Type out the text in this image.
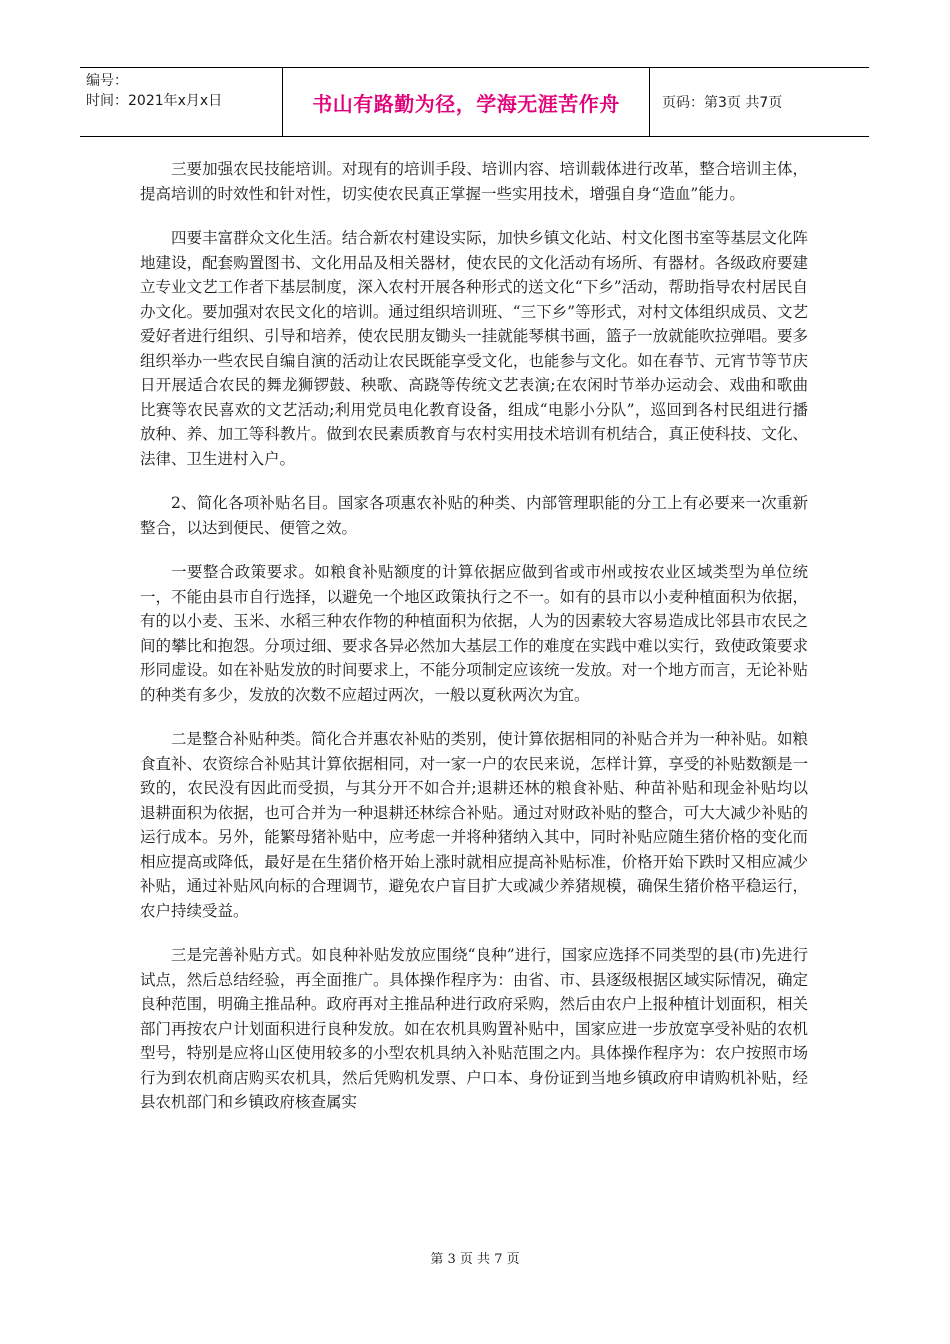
编号：
时间：2021年x月x日	书山有路勤为径，学海无涯苦作舟	页码：第3页 共7页

三要加强农民技能培训。对现有的培训手段、培训内容、培训载体进行改革，整合培训主体，提高培训的时效性和针对性，切实使农民真正掌握一些实用技术，增强自身“造血”能力。

四要丰富群众文化生活。结合新农村建设实际，加快乡镇文化站、村文化图书室等基层文化阵地建设，配套购置图书、文化用品及相关器材，使农民的文化活动有场所、有器材。各级政府要建立专业文艺工作者下基层制度，深入农村开展各种形式的送文化“下乡”活动，帮助指导农村居民自办文化。要加强对农民文化的培训。通过组织培训班、“三下乡”等形式，对村文体组织成员、文艺爱好者进行组织、引导和培养，使农民朋友锄头一挂就能琴棋书画，篮子一放就能吹拉弹唱。要多组织举办一些农民自编自演的活动让农民既能享受文化，也能参与文化。如在春节、元宵节等节庆日开展适合农民的舞龙狮锣鼓、秧歌、高跷等传统文艺表演;在农闲时节举办运动会、戏曲和歌曲比赛等农民喜欢的文艺活动;利用党员电化教育设备，组成“电影小分队”，巡回到各村民组进行播放种、养、加工等科教片。做到农民素质教育与农村实用技术培训有机结合，真正使科技、文化、法律、卫生进村入户。

2、简化各项补贴名目。国家各项惠农补贴的种类、内部管理职能的分工上有必要来一次重新整合，以达到便民、便管之效。

一要整合政策要求。如粮食补贴额度的计算依据应做到省或市州或按农业区域类型为单位统一，不能由县市自行选择，以避免一个地区政策执行之不一。如有的县市以小麦种植面积为依据，有的以小麦、玉米、水稻三种农作物的种植面积为依据，人为的因素较大容易造成比邻县市农民之间的攀比和抱怨。分项过细、要求各异必然加大基层工作的难度在实践中难以实行，致使政策要求形同虚设。如在补贴发放的时间要求上，不能分项制定应该统一发放。对一个地方而言，无论补贴的种类有多少，发放的次数不应超过两次，一般以夏秋两次为宜。

二是整合补贴种类。简化合并惠农补贴的类别，使计算依据相同的补贴合并为一种补贴。如粮食直补、农资综合补贴其计算依据相同，对一家一户的农民来说，怎样计算，享受的补贴数额是一致的，农民没有因此而受损，与其分开不如合并;退耕还林的粮食补贴、种苗补贴和现金补贴均以退耕面积为依据，也可合并为一种退耕还林综合补贴。通过对财政补贴的整合，可大大减少补贴的运行成本。另外，能繁母猪补贴中，应考虑一并将种猪纳入其中，同时补贴应随生猪价格的变化而相应提高或降低，最好是在生猪价格开始上涨时就相应提高补贴标准，价格开始下跌时又相应减少补贴，通过补贴风向标的合理调节，避免农户盲目扩大或减少养猪规模，确保生猪价格平稳运行，农户持续受益。

三是完善补贴方式。如良种补贴发放应围绕“良种”进行，国家应选择不同类型的县(市)先进行试点，然后总结经验，再全面推广。具体操作程序为：由省、市、县逐级根据区域实际情况，确定良种范围，明确主推品种。政府再对主推品种进行政府采购，然后由农户上报种植计划面积，相关部门再按农户计划面积进行良种发放。如在农机具购置补贴中，国家应进一步放宽享受补贴的农机型号，特别是应将山区使用较多的小型农机具纳入补贴范围之内。具体操作程序为：农户按照市场行为到农机商店购买农机具，然后凭购机发票、户口本、身份证到当地乡镇政府申请购机补贴，经县农机部门和乡镇政府核查属实

第 3 页 共 7 页
